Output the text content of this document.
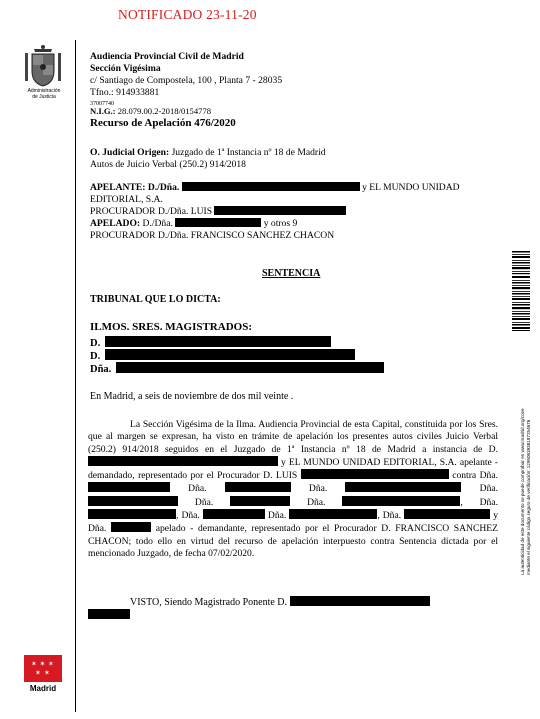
NOTIFICADO 23-11-20
Administración
de Justicia
Audiencia Provincial Civil de Madrid
Sección Vigésima
c/ Santiago de Compostela, 100 , Planta 7 - 28035
Tfno.: 914933881
37007740
N.I.G.: 28.079.00.2-2018/0154778
Recurso de Apelación 476/2020
O. Judicial Origen: Juzgado de 1ª Instancia nº 18 de Madrid
Autos de Juicio Verbal (250.2) 914/2018
APELANTE: D./Dña.	y EL MUNDO UNIDAD
EDITORIAL, S.A.
PROCURADOR D./Dña. LUIS
APELADO: D./Dña.	y otros 9
PROCURADOR D./Dña. FRANCISCO SANCHEZ CHACON
SENTENCIA
TRIBUNAL QUE LO DICTA:
ILMOS. SRES. MAGISTRADOS:
D.
D.
Dña.
En Madrid, a seis de noviembre de dos mil veinte .
La Sección Vigésima de la Ilma. Audiencia Provincial de esta Capital, constituida por los Sres. que al margen se expresan, ha visto en trámite de apelación los presentes autos civiles Juicio Verbal (250.2) 914/2018 seguidos en el Juzgado de 1ª Instancia nº 18 de Madrid a instancia de D.  y EL MUNDO UNIDAD EDITORIAL, S.A. apelante - demandado, representado por el Procurador D. LUIS	contra Dña.  Dña.	Dña.	Dña.  Dña.	Dña.	, Dña. , Dña.	Dña.	, Dña.	y Dña.	apelado - demandante, representado por el Procurador D. FRANCISCO SANCHEZ CHACON; todo ello en virtud del recurso de apelación interpuesto contra Sentencia dictada por el mencionado Juzgado, de fecha 07/02/2020.
VISTO, Siendo Magistrado Ponente D.
La autenticidad de este documento se puede comprobar en www.madrid.org/cove mediante el siguiente código seguro de verificación: 1295063938187254676
✶ ✶ ✶
✶ ✶
Madrid
